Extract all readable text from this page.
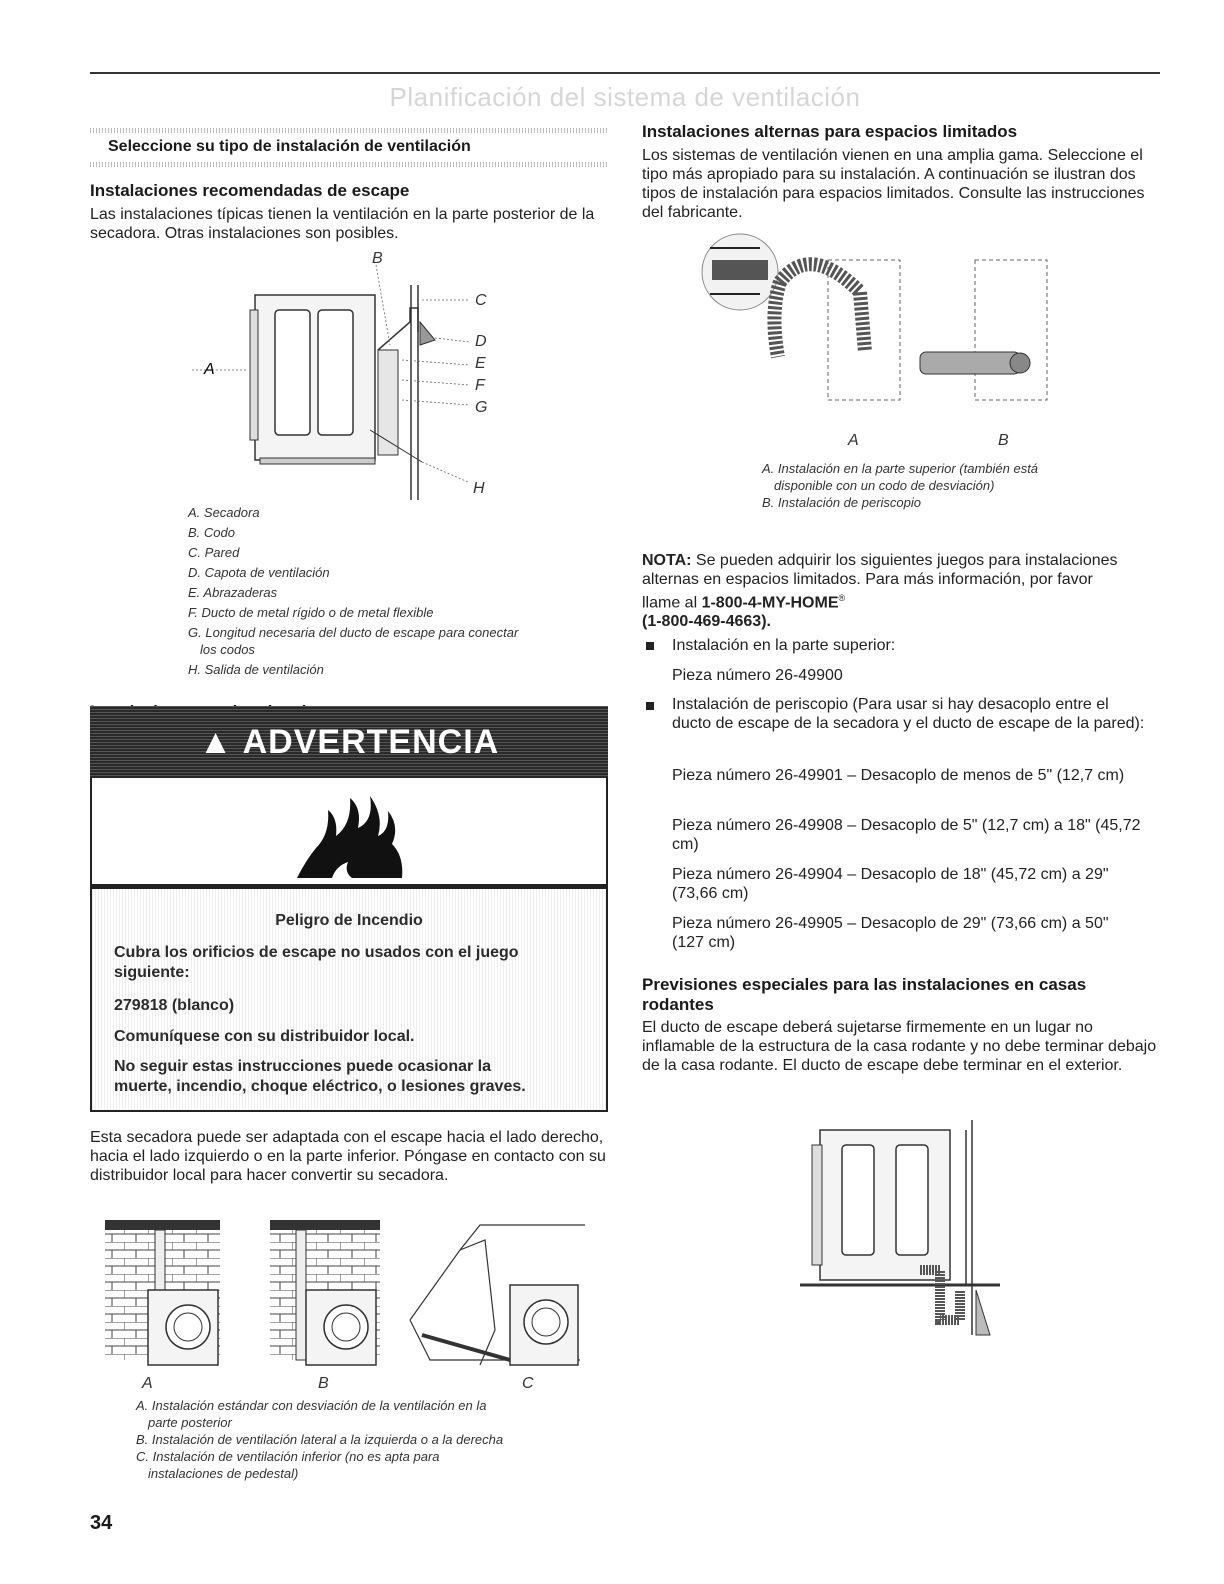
Planificación del sistema de ventilación
Seleccione su tipo de instalación de ventilación
Instalaciones recomendadas de escape

Las instalaciones típicas tienen la ventilación en la parte posterior de la secadora. Otras instalaciones son posibles.

A
B
C
D
E
F
G
H
A. Secadora
B. Codo
C. Pared
D. Capota de ventilación
E. Abrazaderas
F. Ducto de metal rígido o de metal flexible
G. Longitud necesaria del ducto de escape para conectar
los codos
H. Salida de ventilación
▲ ADVERTENCIA
Peligro de Incendio
Cubra los orificios de escape no usados con el juego
siguiente:
279818 (blanco)
Comuníquese con su distribuidor local.
No seguir estas instrucciones puede ocasionar la
muerte, incendio, choque eléctrico, o lesiones graves.

Esta secadora puede ser adaptada con el escape hacia el lado derecho, hacia el lado izquierdo o en la parte inferior. Póngase en contacto con su distribuidor local para hacer convertir su secadora.

A	B	C
A. Instalación estándar con desviación de la ventilación en la
parte posterior
B. Instalación de ventilación lateral a la izquierda o a la derecha
C. Instalación de ventilación inferior (no es apta para
instalaciones de pedestal)
34
Instalaciones alternas para espacios limitados

Los sistemas de ventilación vienen en una amplia gama. Seleccione el tipo más apropiado para su instalación. A continuación se ilustran dos tipos de instalación para espacios limitados. Consulte las instrucciones del fabricante.

A	B
A. Instalación en la parte superior (también está
disponible con un codo de desviación)
B. Instalación de periscopio

NOTA: Se pueden adquirir los siguientes juegos para instalaciones alternas en espacios limitados. Para más información, por favor llame al 1-800-4-MY-HOME®
(1-800-469-4663).

Instalación en la parte superior:

Pieza número 26-49900

Instalación de periscopio (Para usar si hay desacoplo entre el ducto de escape de la secadora y el ducto de escape de la pared):

Pieza número 26-49901 – Desacoplo de menos de 5" (12,7 cm)

Pieza número 26-49908 – Desacoplo de 5" (12,7 cm) a 18" (45,72 cm)

Pieza número 26-49904 – Desacoplo de 18" (45,72 cm) a 29" (73,66 cm)

Pieza número 26-49905 – Desacoplo de 29" (73,66 cm) a 50" (127 cm)

Previsiones especiales para las instalaciones en casas rodantes

El ducto de escape deberá sujetarse firmemente en un lugar no inflamable de la estructura de la casa rodante y no debe terminar debajo de la casa rodante. El ducto de escape debe terminar en el exterior.
